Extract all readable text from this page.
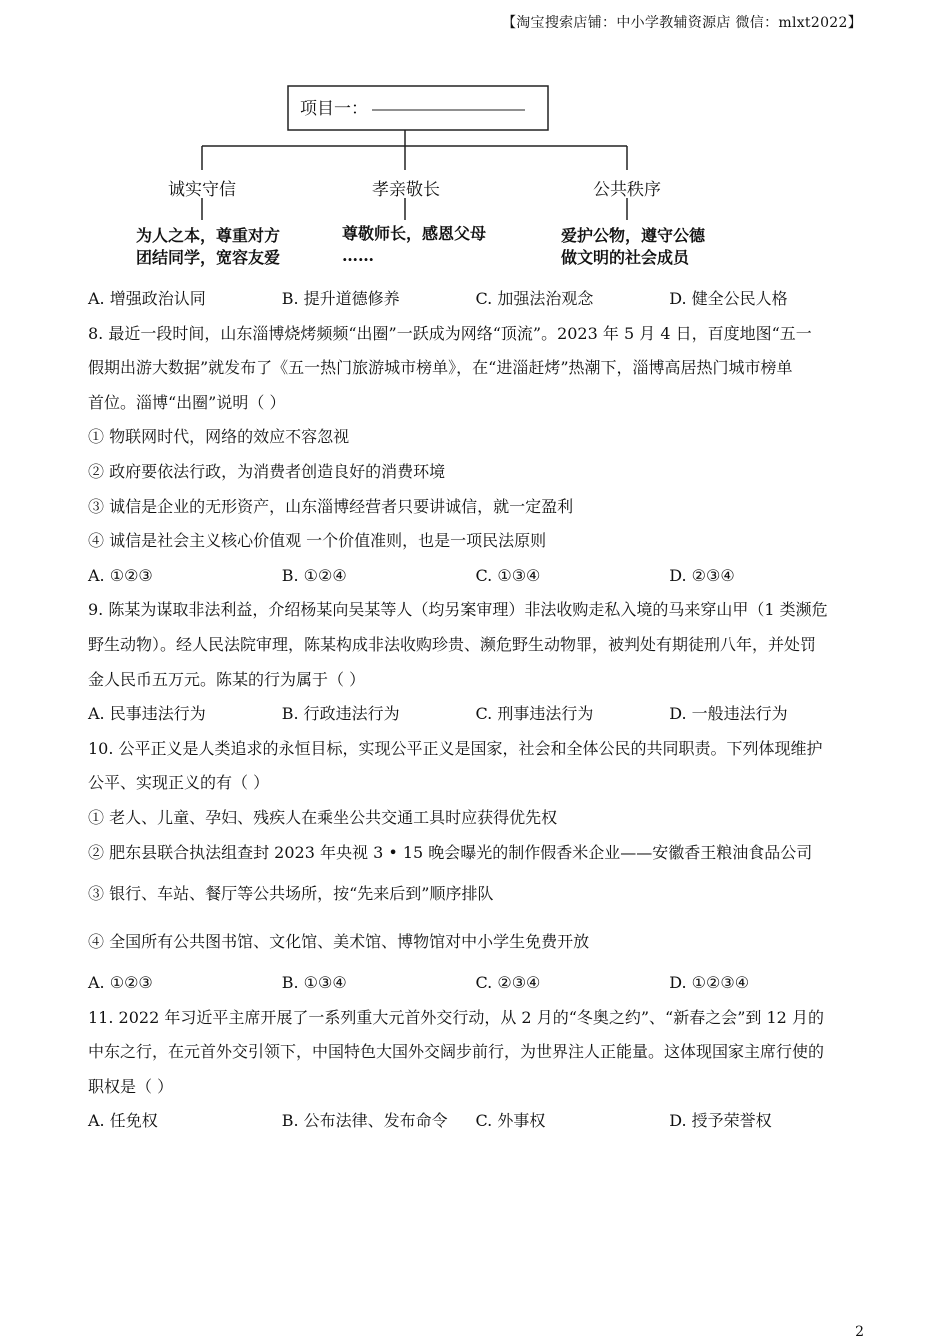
【淘宝搜索店铺：中小学教辅资源店 微信：mlxt2022】
项目一：
诚实守信	孝亲敬长	公共秩序
为人之本，尊重对方
团结同学，宽容友爱
尊敬师长，感恩父母
……
爱护公物，遵守公德
做文明的社会成员
A. 增强政治认同	B. 提升道德修养	C. 加强法治观念	D. 健全公民人格
8. 最近一段时间，山东淄博烧烤频频“出圈”一跃成为网络“顶流”。2023 年 5 月 4 日，百度地图“五一
假期出游大数据”就发布了《五一热门旅游城市榜单》，在“进淄赶烤”热潮下，淄博高居热门城市榜单
首位。淄博“出圈”说明（ ）
① 物联网时代，网络的效应不容忽视
② 政府要依法行政，为消费者创造良好的消费环境
③ 诚信是企业的无形资产，山东淄博经营者只要讲诚信，就一定盈利
④ 诚信是社会主义核心价值观 一个价值准则，也是一项民法原则
A. ①②③	B. ①②④	C. ①③④	D. ②③④
9. 陈某为谋取非法利益，介绍杨某向吴某等人（均另案审理）非法收购走私入境的马来穿山甲（1 类濒危
野生动物）。经人民法院审理，陈某构成非法收购珍贵、濒危野生动物罪，被判处有期徒刑八年，并处罚
金人民币五万元。陈某的行为属于（ ）
A. 民事违法行为	B. 行政违法行为	C. 刑事违法行为	D. 一般违法行为
10. 公平正义是人类追求的永恒目标，实现公平正义是国家，社会和全体公民的共同职责。下列体现维护
公平、实现正义的有（ ）
① 老人、儿童、孕妇、残疾人在乘坐公共交通工具时应获得优先权
② 肥东县联合执法组查封 2023 年央视 3 • 15 晚会曝光的制作假香米企业——安徽香王粮油食品公司
③ 银行、车站、餐厅等公共场所，按“先来后到”顺序排队
④ 全国所有公共图书馆、文化馆、美术馆、博物馆对中小学生免费开放
A. ①②③	B. ①③④	C. ②③④	D. ①②③④
11. 2022 年习近平主席开展了一系列重大元首外交行动，从 2 月的“冬奥之约”、“新春之会”到 12 月的
中东之行，在元首外交引领下，中国特色大国外交阔步前行，为世界注人正能量。这体现国家主席行使的
职权是（ ）
A. 任免权	B. 公布法律、发布命令	C. 外事权	D. 授予荣誉权
2
